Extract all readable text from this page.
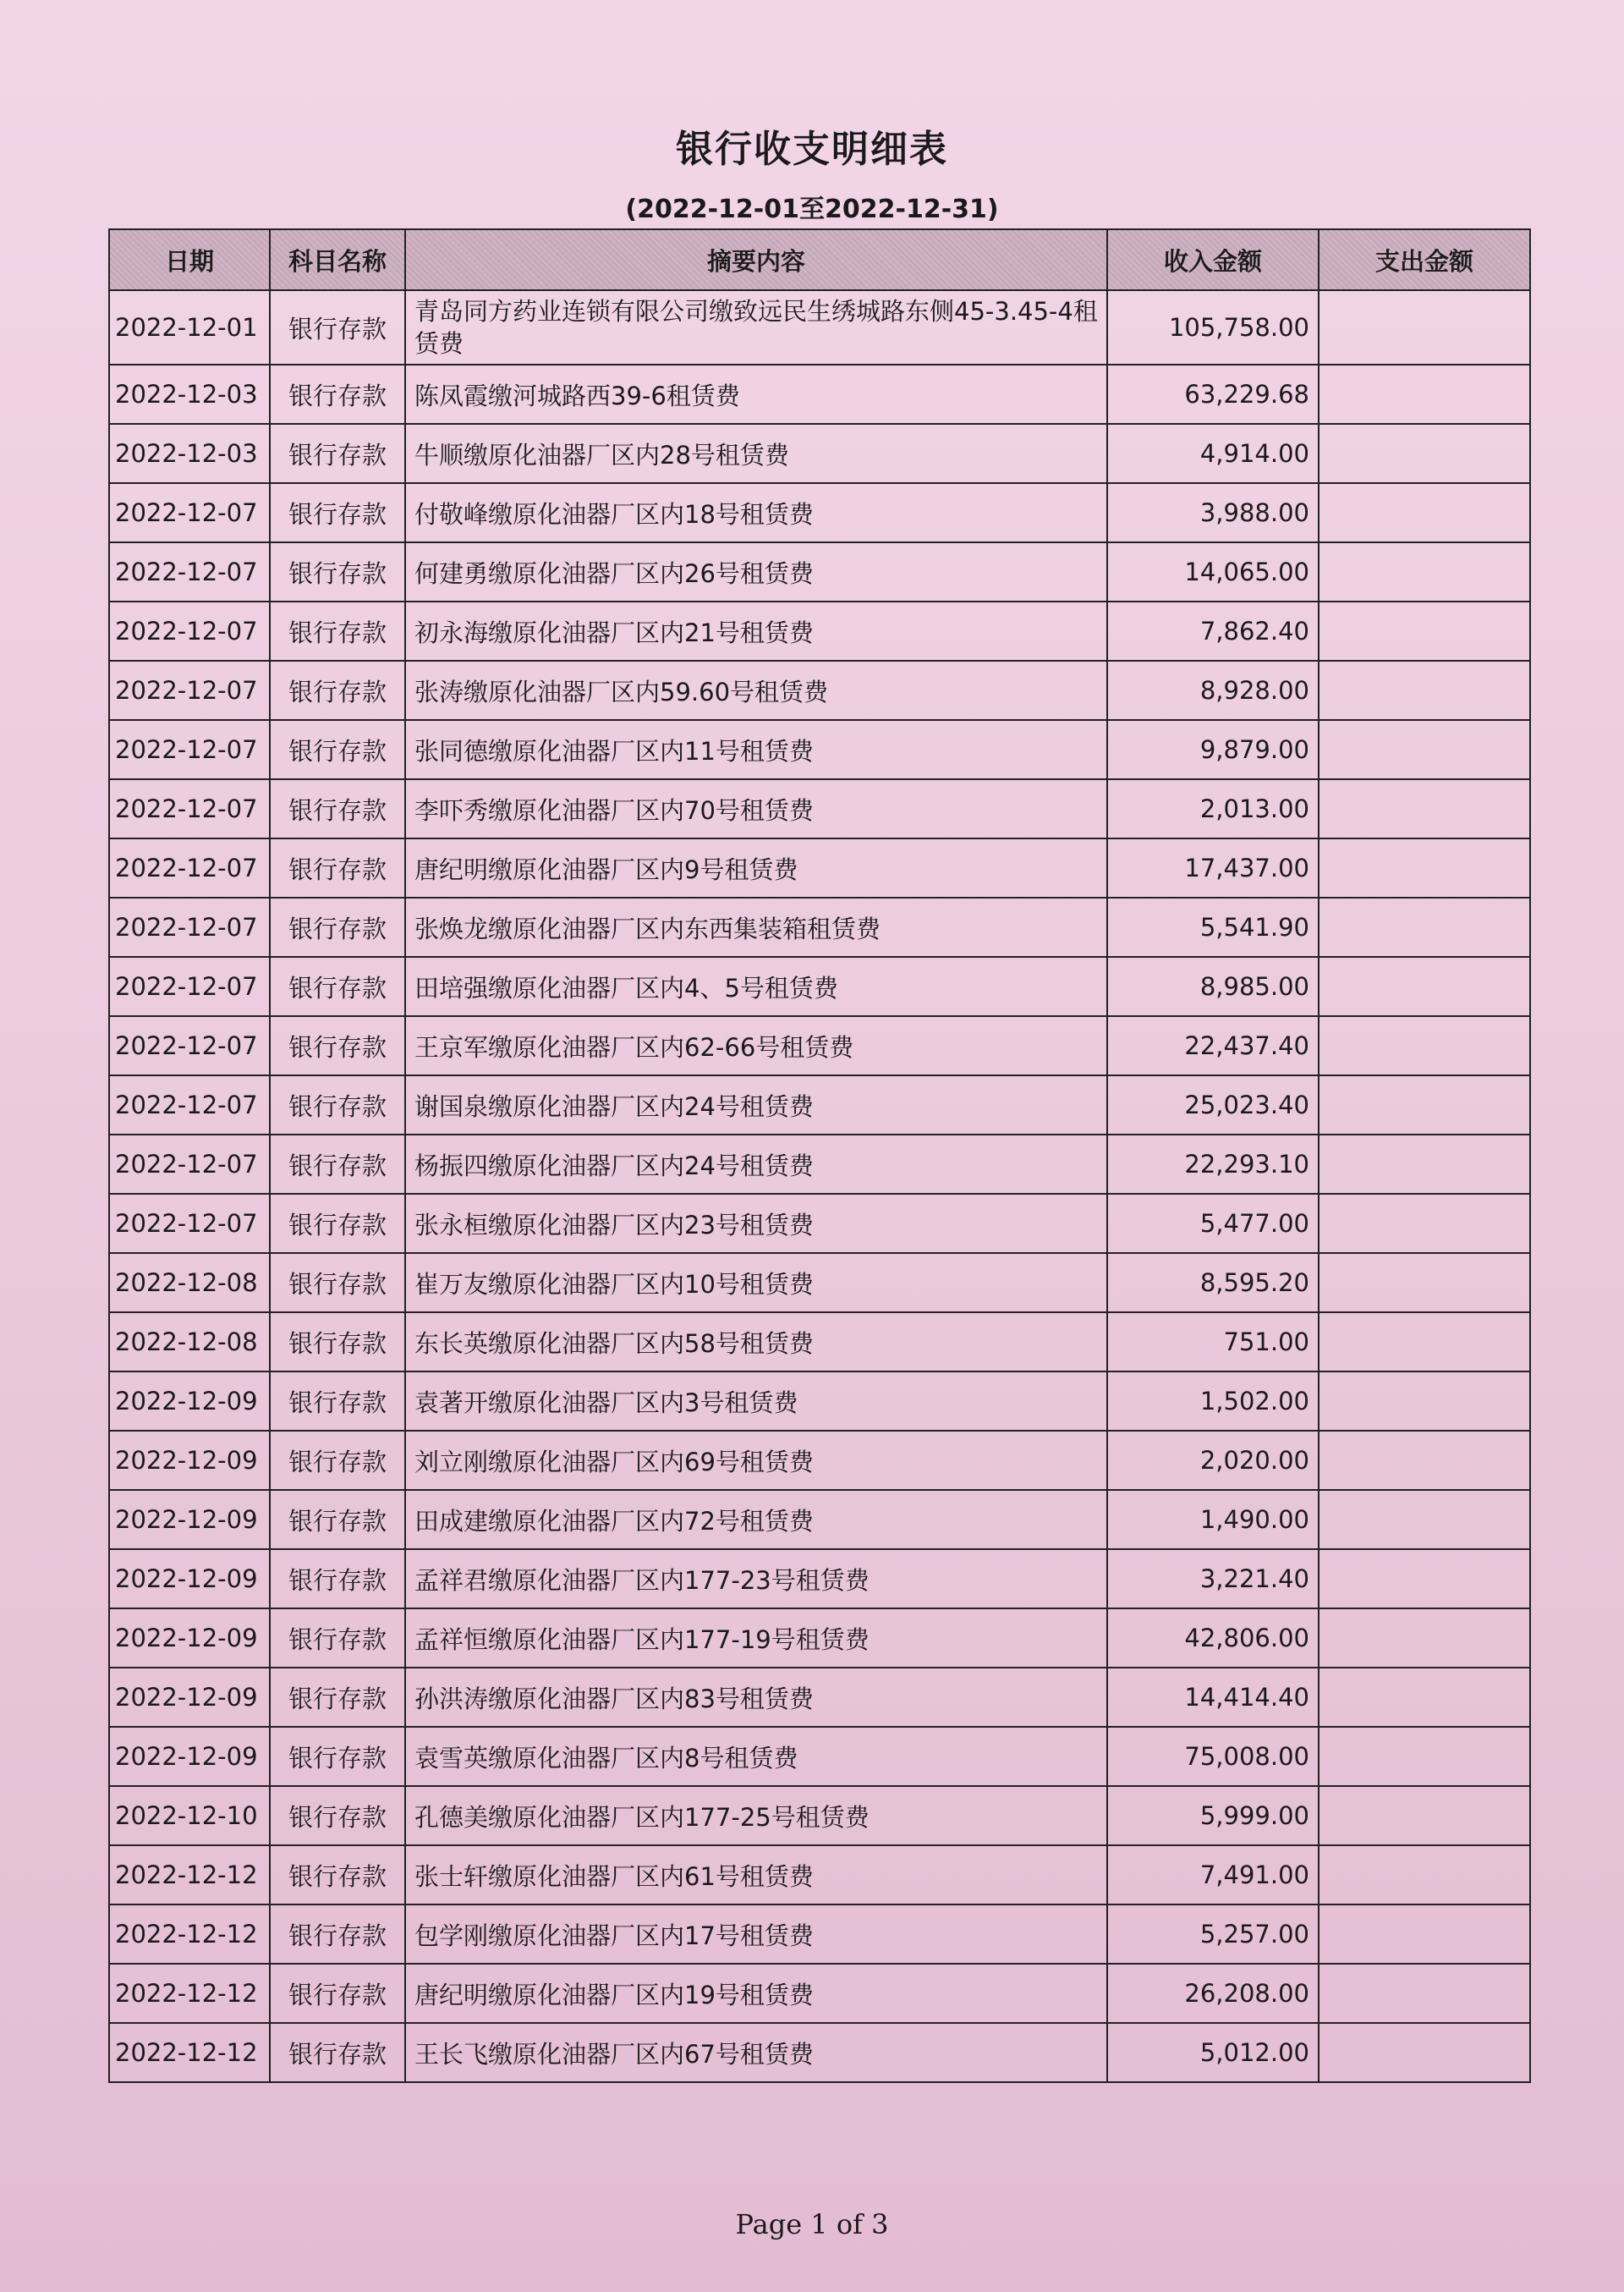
银行收支明细表
(2022-12-01至2022-12-31)
日期	科目名称	摘要内容	收入金额	支出金额
2022-12-01	银行存款	青岛同方药业连锁有限公司缴致远民生绣城路东侧45-3.45-4租赁费	105,758.00	
2022-12-03	银行存款	陈凤霞缴河城路西39-6租赁费	63,229.68	
2022-12-03	银行存款	牛顺缴原化油器厂区内28号租赁费	4,914.00	
2022-12-07	银行存款	付敬峰缴原化油器厂区内18号租赁费	3,988.00	
2022-12-07	银行存款	何建勇缴原化油器厂区内26号租赁费	14,065.00	
2022-12-07	银行存款	初永海缴原化油器厂区内21号租赁费	7,862.40	
2022-12-07	银行存款	张涛缴原化油器厂区内59.60号租赁费	8,928.00	
2022-12-07	银行存款	张同德缴原化油器厂区内11号租赁费	9,879.00	
2022-12-07	银行存款	李吓秀缴原化油器厂区内70号租赁费	2,013.00	
2022-12-07	银行存款	唐纪明缴原化油器厂区内9号租赁费	17,437.00	
2022-12-07	银行存款	张焕龙缴原化油器厂区内东西集装箱租赁费	5,541.90	
2022-12-07	银行存款	田培强缴原化油器厂区内4、5号租赁费	8,985.00	
2022-12-07	银行存款	王京军缴原化油器厂区内62-66号租赁费	22,437.40	
2022-12-07	银行存款	谢国泉缴原化油器厂区内24号租赁费	25,023.40	
2022-12-07	银行存款	杨振四缴原化油器厂区内24号租赁费	22,293.10	
2022-12-07	银行存款	张永桓缴原化油器厂区内23号租赁费	5,477.00	
2022-12-08	银行存款	崔万友缴原化油器厂区内10号租赁费	8,595.20	
2022-12-08	银行存款	东长英缴原化油器厂区内58号租赁费	751.00	
2022-12-09	银行存款	袁著开缴原化油器厂区内3号租赁费	1,502.00	
2022-12-09	银行存款	刘立刚缴原化油器厂区内69号租赁费	2,020.00	
2022-12-09	银行存款	田成建缴原化油器厂区内72号租赁费	1,490.00	
2022-12-09	银行存款	孟祥君缴原化油器厂区内177-23号租赁费	3,221.40	
2022-12-09	银行存款	孟祥恒缴原化油器厂区内177-19号租赁费	42,806.00	
2022-12-09	银行存款	孙洪涛缴原化油器厂区内83号租赁费	14,414.40	
2022-12-09	银行存款	袁雪英缴原化油器厂区内8号租赁费	75,008.00	
2022-12-10	银行存款	孔德美缴原化油器厂区内177-25号租赁费	5,999.00	
2022-12-12	银行存款	张士轩缴原化油器厂区内61号租赁费	7,491.00	
2022-12-12	银行存款	包学刚缴原化油器厂区内17号租赁费	5,257.00	
2022-12-12	银行存款	唐纪明缴原化油器厂区内19号租赁费	26,208.00	
2022-12-12	银行存款	王长飞缴原化油器厂区内67号租赁费	5,012.00	
Page 1 of 3
